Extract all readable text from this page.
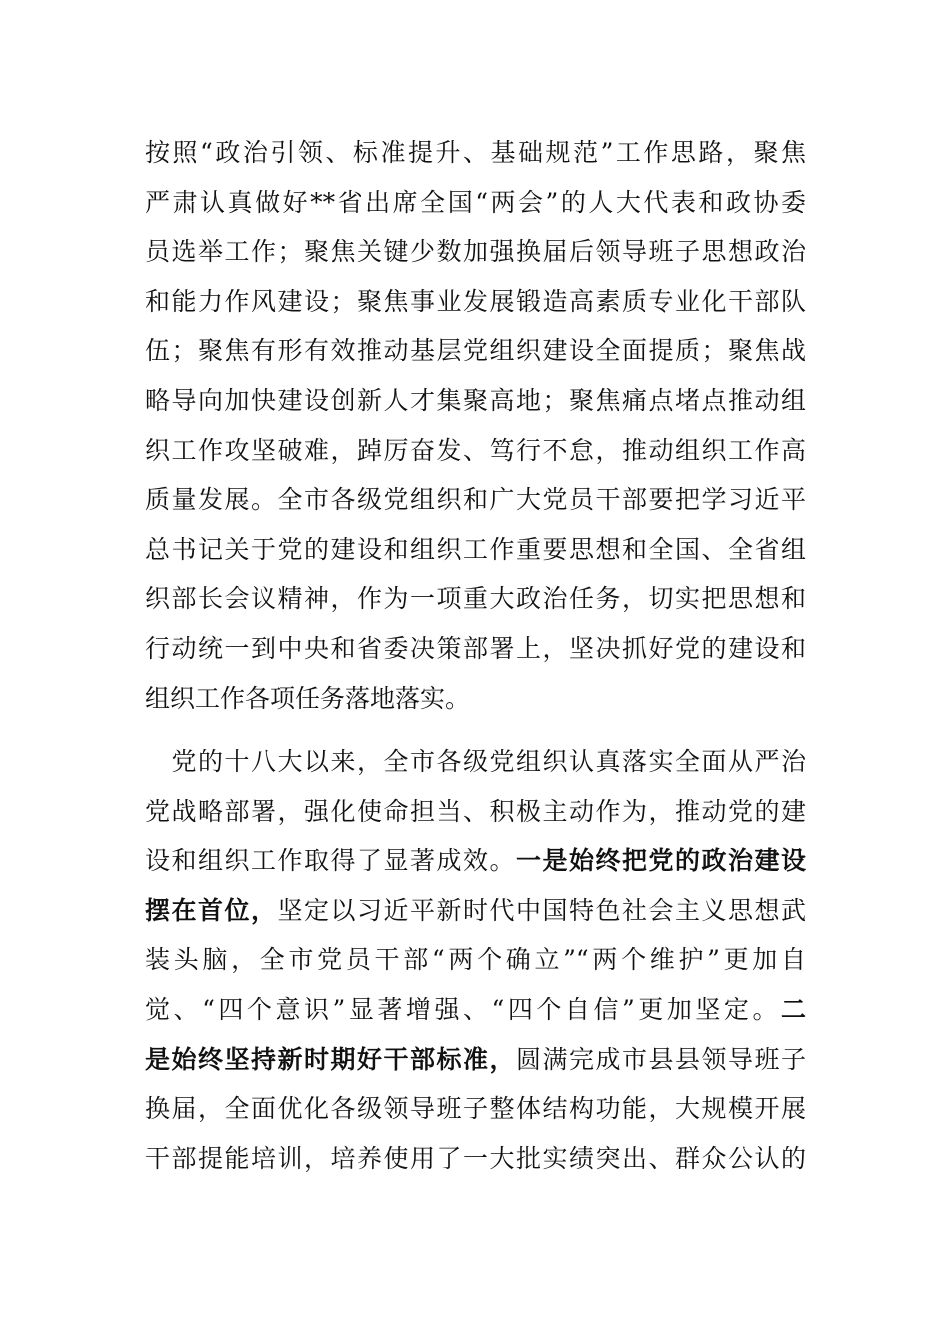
按照“政治引领、标准提升、基础规范”工作思路，聚焦
严肃认真做好**省出席全国“两会”的人大代表和政协委
员选举工作；聚焦关键少数加强换届后领导班子思想政治
和能力作风建设；聚焦事业发展锻造高素质专业化干部队
伍；聚焦有形有效推动基层党组织建设全面提质；聚焦战
略导向加快建设创新人才集聚高地；聚焦痛点堵点推动组
织工作攻坚破难，踔厉奋发、笃行不怠，推动组织工作高
质量发展。全市各级党组织和广大党员干部要把学习近平
总书记关于党的建设和组织工作重要思想和全国、全省组
织部长会议精神，作为一项重大政治任务，切实把思想和
行动统一到中央和省委决策部署上，坚决抓好党的建设和
组织工作各项任务落地落实。
　党的十八大以来，全市各级党组织认真落实全面从严治
党战略部署，强化使命担当、积极主动作为，推动党的建
设和组织工作取得了显著成效。一是始终把党的政治建设
摆在首位，坚定以习近平新时代中国特色社会主义思想武
装头脑，全市党员干部“两个确立”“两个维护”更加自
觉、“四个意识”显著增强、“四个自信”更加坚定。二
是始终坚持新时期好干部标准，圆满完成市县县领导班子
换届，全面优化各级领导班子整体结构功能，大规模开展
干部提能培训，培养使用了一大批实绩突出、群众公认的
